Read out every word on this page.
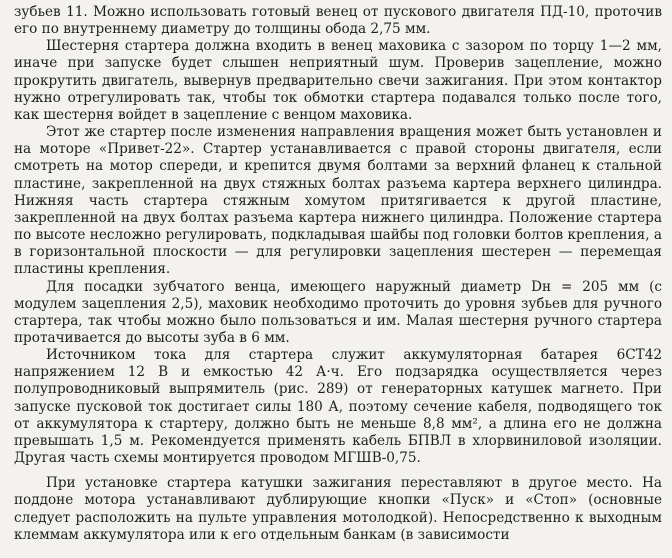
зубьев 11. Можно использовать готовый венец от пускового двигателя ПД-10, проточив его по внутреннему диаметру до толщины обода 2,75 мм.

Шестерня стартера должна входить в венец маховика с зазором по торцу 1—2 мм, иначе при запуске будет слышен неприятный шум. Проверив зацепление, можно прокрутить двигатель, вывернув предварительно свечи зажигания. При этом контактор нужно отрегулировать так, чтобы ток обмотки стартера подавался только после того, как шестерня войдет в зацепление с венцом маховика.

Этот же стартер после изменения направления вращения может быть установлен и на моторе «Привет-22». Стартер устанавливается с правой стороны двигателя, если смотреть на мотор спереди, и крепится двумя болтами за верхний фланец к стальной пластине, закрепленной на двух стяжных болтах разъема картера верхнего цилиндра. Нижняя часть стартера стяжным хомутом притягивается к другой пластине, закрепленной на двух болтах разъема картера нижнего цилиндра. Положение стартера по высоте несложно регулировать, подкладывая шайбы под головки болтов крепления, а в горизонтальной плоскости — для регулировки зацепления шестерен — перемещая пластины крепления.

Для посадки зубчатого венца, имеющего наружный диаметр Dн = 205 мм (с модулем зацепления 2,5), маховик необходимо проточить до уровня зубьев для ручного стартера, так чтобы можно было пользоваться и им. Малая шестерня ручного стартера протачивается до высоты зуба в 6 мм.

Источником тока для стартера служит аккумуляторная батарея 6СТ42 напряжением 12 В и емкостью 42 А·ч. Его подзарядка осуществляется через полупроводниковый выпрямитель (рис. 289) от генераторных катушек магнето. При запуске пусковой ток достигает силы 180 А, поэтому сечение кабеля, подводящего ток от аккумулятора к стартеру, должно быть не меньше 8,8 мм², а длина его не должна превышать 1,5 м. Рекомендуется применять кабель БПВЛ в хлорвиниловой изоляции. Другая часть схемы монтируется проводом МГШВ-0,75.

При установке стартера катушки зажигания переставляют в другое место. На поддоне мотора устанавливают дублирующие кнопки «Пуск» и «Стоп» (основные следует расположить на пульте управления мотолодкой). Непосредственно к выходным клеммам аккумулятора или к его отдельным банкам (в зависимости
